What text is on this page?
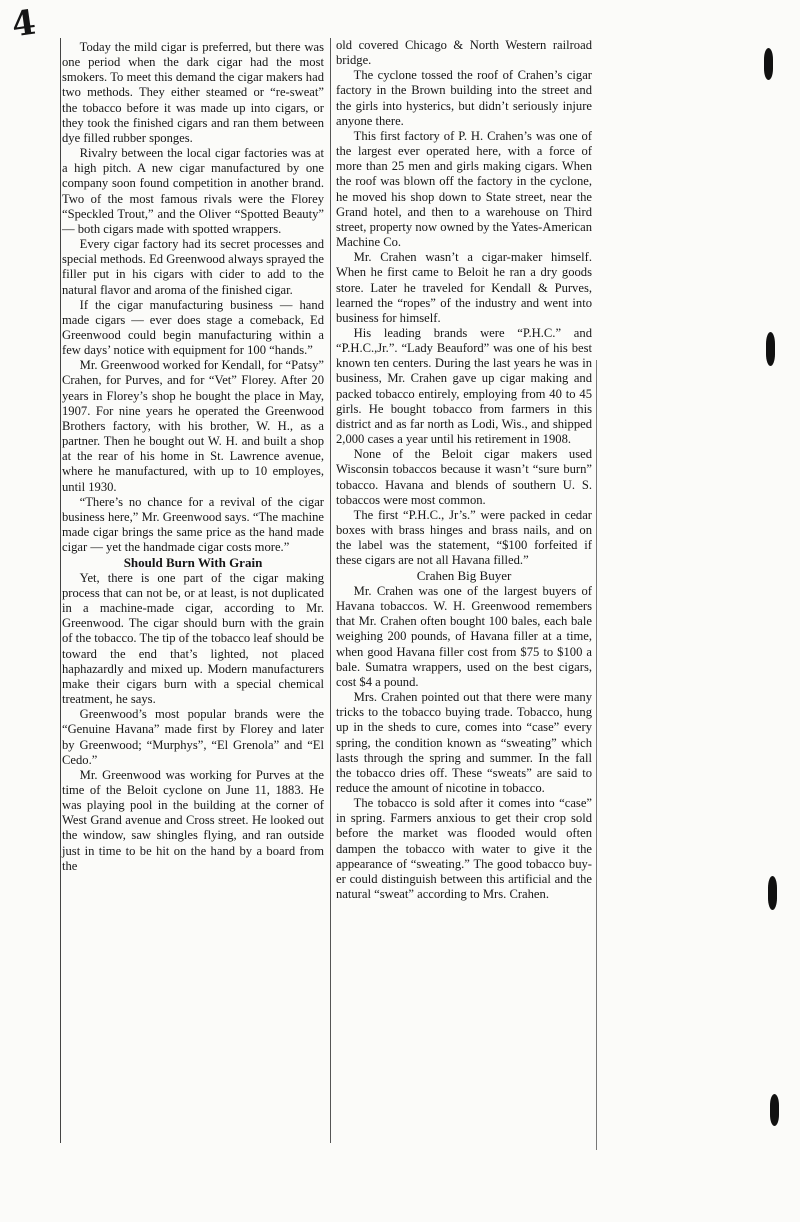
4

Today the mild cigar is preferred, but there was one period when the dark cigar had the most smokers. To meet this demand the cigar makers had two methods. They either steamed or “re-sweat” the tobacco before it was made up into cigars, or they took the finished cigars and ran them between dye filled rubber sponges.

Rivalry between the local cigar factories was at a high pitch. A new cigar manufactured by one company soon found competition in another brand. Two of the most famous rivals were the Florey “Speckled Trout,” and the Oliver “Spotted Beauty” — both cigars made with spotted wrappers.

Every cigar factory had its secret processes and special methods. Ed Greenwood always sprayed the filler put in his cigars with cider to add to the natural flavor and aroma of the finished cigar.

If the cigar manufacturing business — hand made cigars — ever does stage a comeback, Ed Greenwood could begin manufacturing within a few days’ notice with equipment for 100 “hands.”

Mr. Greenwood worked for Kendall, for “Patsy” Crahen, for Purves, and for “Vet” Florey. After 20 years in Florey’s shop he bought the place in May, 1907. For nine years he operated the Greenwood Brothers factory, with his brother, W. H., as a partner. Then he bought out W. H. and built a shop at the rear of his home in St. Lawrence avenue, where he manufactured, with up to 10 employes, until 1930.

“There’s no chance for a revival of the cigar business here,” Mr. Greenwood says. “The machine made cigar brings the same price as the hand made cigar — yet the handmade cigar costs more.”

Should Burn With Grain

Yet, there is one part of the cigar making process that can not be, or at least, is not duplicated in a machine-made cigar, according to Mr. Greenwood. The cigar should burn with the grain of the tobacco. The tip of the tobacco leaf should be toward the end that’s lighted, not placed haphazardly and mixed up. Modern manufacturers make their cigars burn with a special chemical treatment, he says.

Greenwood’s most popular brands were the “Genuine Havana” made first by Florey and later by Greenwood; “Murphys”, “El Grenola” and “El Cedo.”

Mr. Greenwood was working for Purves at the time of the Beloit cyclone on June 11, 1883. He was playing pool in the building at the corner of West Grand avenue and Cross street. He looked out the window, saw shingles flying, and ran outside just in time to be hit on the hand by a board from the

old covered Chicago & North Western railroad bridge.

The cyclone tossed the roof of Crahen’s cigar factory in the Brown building into the street and the girls into hysterics, but didn’t seriously injure anyone there.

This first factory of P. H. Crahen’s was one of the largest ever operated here, with a force of more than 25 men and girls making cigars. When the roof was blown off the factory in the cyclone, he moved his shop down to State street, near the Grand hotel, and then to a warehouse on Third street, property now owned by the Yates-American Machine Co.

Mr. Crahen wasn’t a cigar-maker himself. When he first came to Beloit he ran a dry goods store. Later he traveled for Kendall & Purves, learned the “ropes” of the industry and went into business for himself.

His leading brands were “P.H.C.” and “P.H.C.,Jr.”. “Lady Beauford” was one of his best known ten centers. During the last years he was in business, Mr. Crahen gave up cigar making and packed tobacco entirely, employing from 40 to 45 girls. He bought tobacco from farmers in this district and as far north as Lodi, Wis., and shipped 2,000 cases a year until his retirement in 1908.

None of the Beloit cigar makers used Wisconsin tobaccos because it wasn’t “sure burn” tobacco. Havana and blends of southern U. S. tobaccos were most common.

The first “P.H.C., Jr’s.” were packed in cedar boxes with brass hinges and brass nails, and on the label was the statement, “$100 forfeited if these cigars are not all Havana filled.”

Crahen Big Buyer

Mr. Crahen was one of the largest buyers of Havana tobaccos. W. H. Greenwood remembers that Mr. Crahen often bought 100 bales, each bale weighing 200 pounds, of Havana filler at a time, when good Havana filler cost from $75 to $100 a bale. Sumatra wrappers, used on the best cigars, cost $4 a pound.

Mrs. Crahen pointed out that there were many tricks to the tobacco buying trade. Tobacco, hung up in the sheds to cure, comes into “case” every spring, the condition known as “sweating” which lasts through the spring and summer. In the fall the tobacco dries off. These “sweats” are said to reduce the amount of nicotine in tobacco.

The tobacco is sold after it comes into “case” in spring. Farmers anxious to get their crop sold before the market was flooded would often dampen the tobacco with water to give it the appearance of “sweating.” The good tobacco buyer could distinguish between this artificial and the natural “sweat” according to Mrs. Crahen.
